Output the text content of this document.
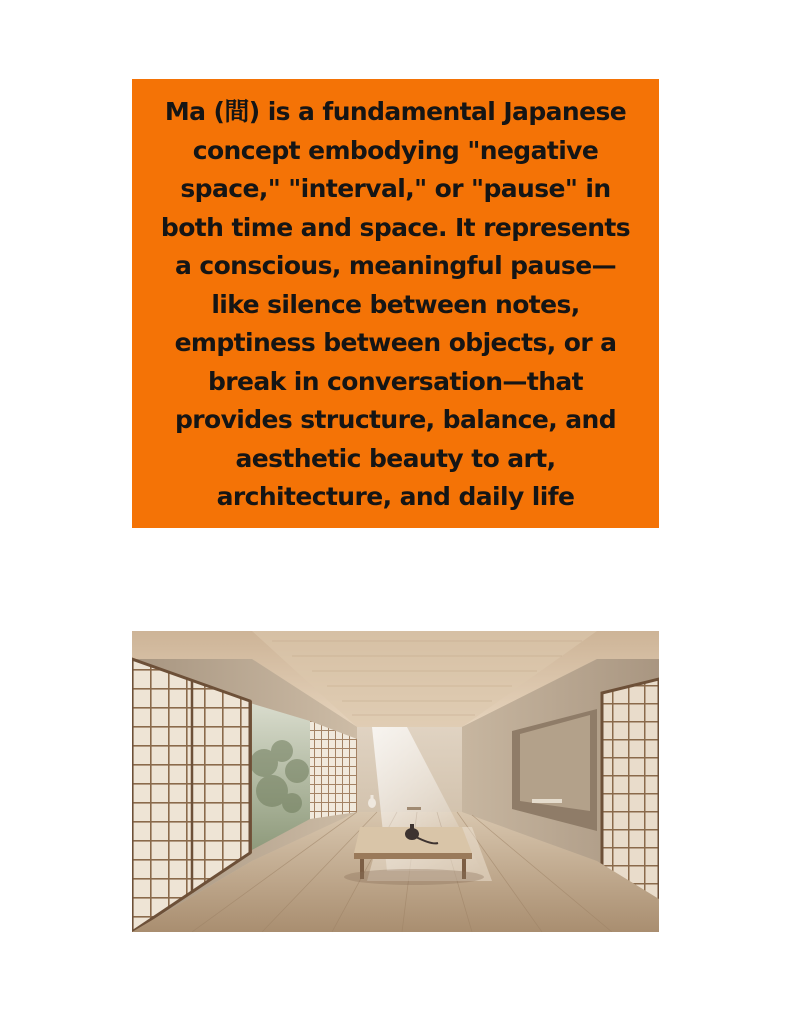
Ma (間) is a fundamental Japanese
concept embodying "negative
space," "interval," or "pause" in
both time and space. It represents
a conscious, meaningful pause—
like silence between notes,
emptiness between objects, or a
break in conversation—that
provides structure, balance, and
aesthetic beauty to art,
architecture, and daily life
